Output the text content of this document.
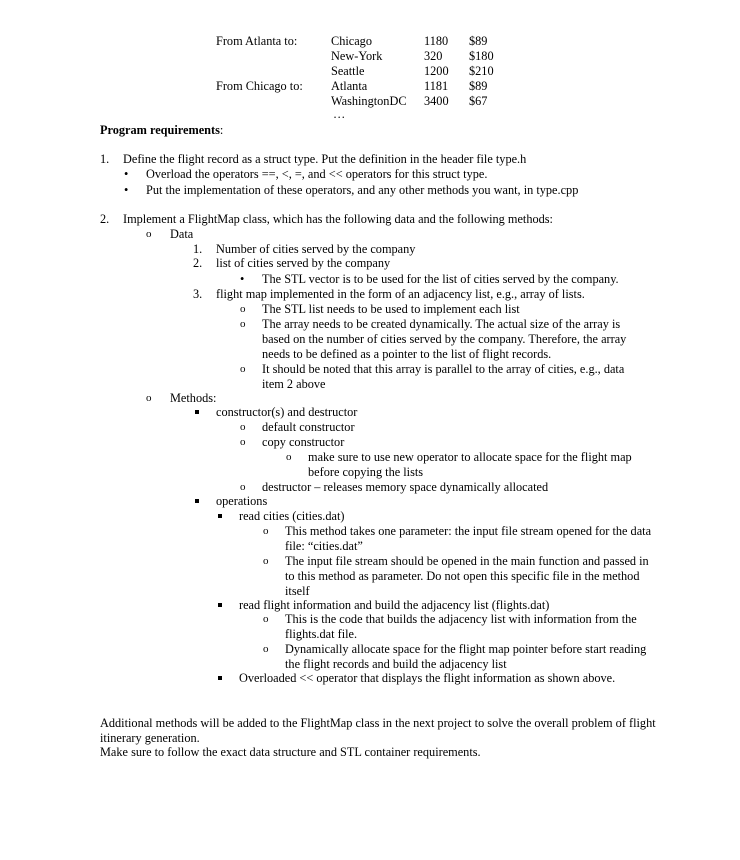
From Atlanta to:	Chicago	1180 $89
New-York	320 $180
Seattle	1200 $210
From Chicago to: Atlanta	1181 $89
WashingtonDC 3400 $67
…
Program requirements:
1. Define the flight record as a struct type. Put the definition in the header file type.h
• Overload the operators ==, <, =, and << operators for this struct type.
• Put the implementation of these operators, and any other methods you want, in type.cpp
2. Implement a FlightMap class, which has the following data and the following methods:
o Data
1. Number of cities served by the company
2. list of cities served by the company
• The STL vector is to be used for the list of cities served by the company.
3. flight map implemented in the form of an adjacency list, e.g., array of lists.
o The STL list needs to be used to implement each list
o The array needs to be created dynamically. The actual size of the array is based on the number of cities served by the company. Therefore, the array needs to be defined as a pointer to the list of flight records.
o It should be noted that this array is parallel to the array of cities, e.g., data item 2 above
o Methods:
constructor(s) and destructor
o default constructor
o copy constructor
o make sure to use new operator to allocate space for the flight map before copying the lists
o destructor – releases memory space dynamically allocated
operations
read cities (cities.dat)
o This method takes one parameter: the input file stream opened for the data file: “cities.dat”
o The input file stream should be opened in the main function and passed in to this method as parameter. Do not open this specific file in the method itself
read flight information and build the adjacency list (flights.dat)
o This is the code that builds the adjacency list with information from the flights.dat file.
o Dynamically allocate space for the flight map pointer before start reading the flight records and build the adjacency list
Overloaded << operator that displays the flight information as shown above.
Additional methods will be added to the FlightMap class in the next project to solve the overall problem of flight itinerary generation.
Make sure to follow the exact data structure and STL container requirements.
